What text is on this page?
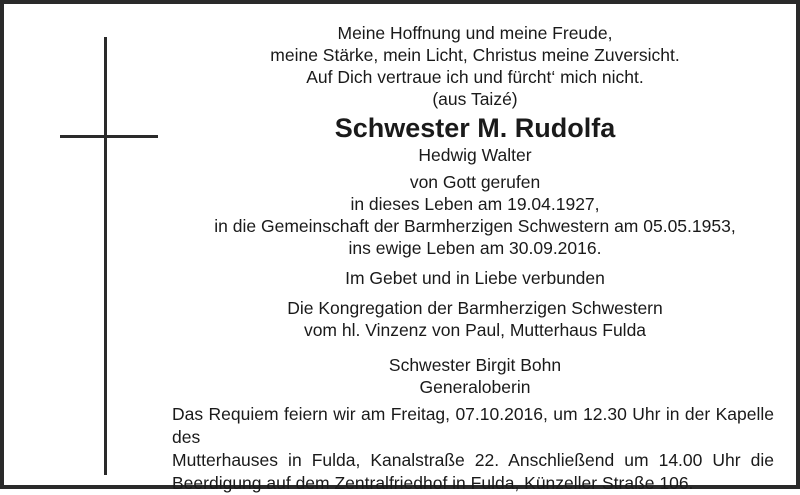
Meine Hoffnung und meine Freude,
meine Stärke, mein Licht, Christus meine Zuversicht.
Auf Dich vertraue ich und fürcht‘ mich nicht.
(aus Taizé)
Schwester M. Rudolfa
Hedwig Walter
von Gott gerufen
in dieses Leben am 19.04.1927,
in die Gemeinschaft der Barmherzigen Schwestern am 05.05.1953,
ins ewige Leben am 30.09.2016.
Im Gebet und in Liebe verbunden
Die Kongregation der Barmherzigen Schwestern
vom hl. Vinzenz von Paul, Mutterhaus Fulda
Schwester Birgit Bohn
Generaloberin
Das Requiem feiern wir am Freitag, 07.10.2016, um 12.30 Uhr in der Kapelle des
Mutterhauses in Fulda, Kanalstraße 22. Anschließend um 14.00 Uhr die
Beerdigung auf dem Zentralfriedhof in Fulda, Künzeller Straße 106.
